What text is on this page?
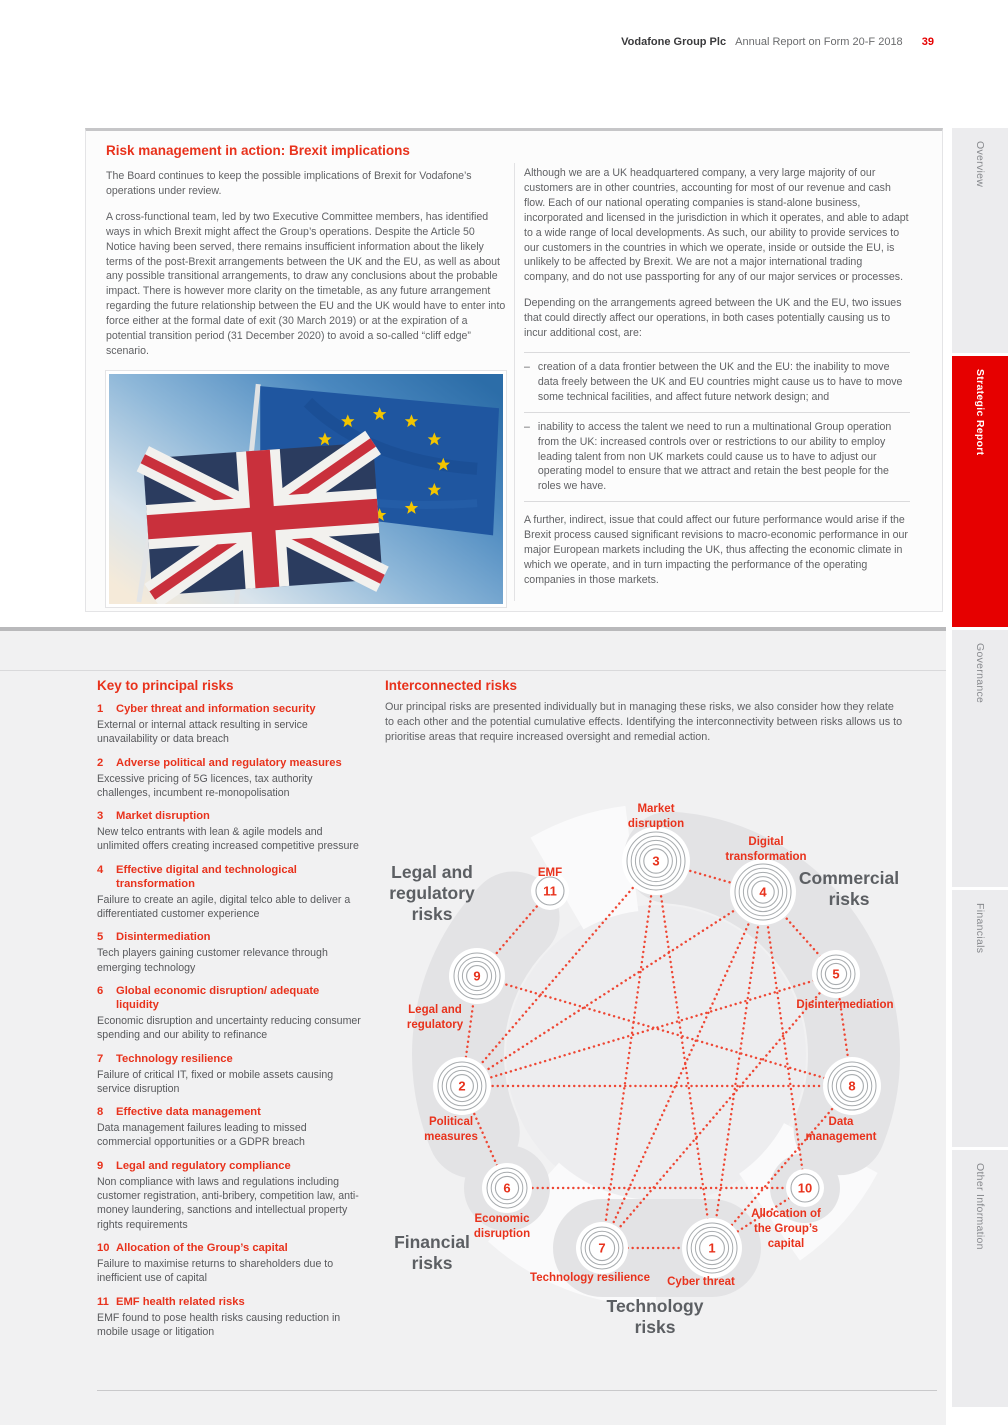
Vodafone Group Plc Annual Report on Form 20-F 2018 39
Overview
Strategic Report
Governance
Financials
Other Information
Risk management in action: Brexit implications

The Board continues to keep the possible implications of Brexit for Vodafone’s operations under review.

A cross-functional team, led by two Executive Committee members, has identified ways in which Brexit might affect the Group’s operations. Despite the Article 50 Notice having been served, there remains insufficient information about the likely terms of the post-Brexit arrangements between the UK and the EU, as well as about any possible transitional arrangements, to draw any conclusions about the probable impact. There is however more clarity on the timetable, as any future arrangement regarding the future relationship between the EU and the UK would have to enter into force either at the formal date of exit (30 March 2019) or at the expiration of a potential transition period (31 December 2020) to avoid a so-called “cliff edge” scenario.

Although we are a UK headquartered company, a very large majority of our customers are in other countries, accounting for most of our revenue and cash flow. Each of our national operating companies is stand-alone business, incorporated and licensed in the jurisdiction in which it operates, and able to adapt to a wide range of local developments. As such, our ability to provide services to our customers in the countries in which we operate, inside or outside the EU, is unlikely to be affected by Brexit. We are not a major international trading company, and do not use passporting for any of our major services or processes.

Depending on the arrangements agreed between the UK and the EU, two issues that could directly affect our operations, in both cases potentially causing us to incur additional cost, are:

– creation of a data frontier between the UK and the EU: the inability to move data freely between the UK and EU countries might cause us to have to move some technical facilities, and affect future network design; and
– inability to access the talent we need to run a multinational Group operation from the UK: increased controls over or restrictions to our ability to employ leading talent from non UK markets could cause us to have to adjust our operating model to ensure that we attract and retain the best people for the roles we have.

A further, indirect, issue that could affect our future performance would arise if the Brexit process caused significant revisions to macro-economic performance in our major European markets including the UK, thus affecting the economic climate in which we operate, and in turn impacting the performance of the operating companies in those markets.

Key to principal risks
1	Cyber threat and information security

External or internal attack resulting in service unavailability or data breach

2	Adverse political and regulatory measures

Excessive pricing of 5G licences, tax authority challenges, incumbent re-monopolisation

3	Market disruption

New telco entrants with lean & agile models and unlimited offers creating increased competitive pressure

4	Effective digital and technological transformation

Failure to create an agile, digital telco able to deliver a differentiated customer experience

5	Disintermediation

Tech players gaining customer relevance through emerging technology

6	Global economic disruption/ adequate liquidity

Economic disruption and uncertainty reducing consumer spending and our ability to refinance

7	Technology resilience

Failure of critical IT, fixed or mobile assets causing service disruption

8	Effective data management

Data management failures leading to missed commercial opportunities or a GDPR breach

9	Legal and regulatory compliance

Non compliance with laws and regulations including customer registration, anti-bribery, competition law, anti-money laundering, sanctions and intellectual property rights requirements

10 Allocation of the Group’s capital

Failure to maximise returns to shareholders due to inefficient use of capital

11 EMF health related risks

EMF found to pose health risks causing reduction in mobile usage or litigation

Interconnected risks

Our principal risks are presented individually but in managing these risks, we also consider how they relate to each other and the potential cumulative effects. Identifying the interconnectivity between risks allows us to prioritise areas that require increased oversight and remedial action.

3
Market
disruption
4
Digital
transformation
11
EMF
9
Legal and
regulatory
5
Disintermediation
2
Political
measures
8
Data
management
6
Economic
disruption
10
Allocation of
the Group’s
capital
7
Technology resilience
1
Cyber threat
Legal and
regulatory
risks
Commercial
risks
Financial
risks
Technology
risks
